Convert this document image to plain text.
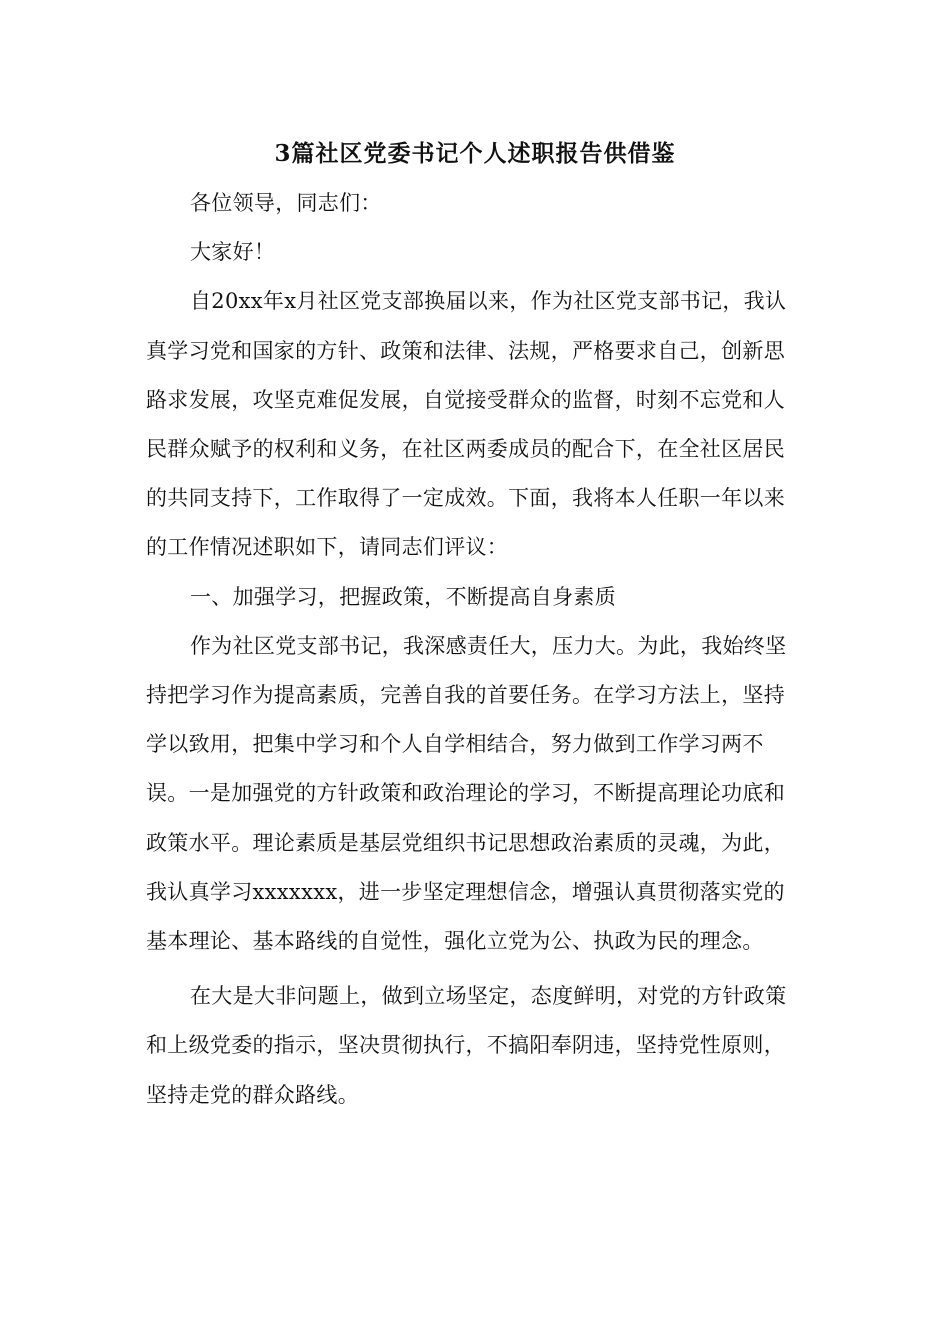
3篇社区党委书记个人述职报告供借鉴

各位领导，同志们：

大家好！

自20xx年x月社区党支部换届以来，作为社区党支部书记，我认真学习党和国家的方针、政策和法律、法规，严格要求自己，创新思路求发展，攻坚克难促发展，自觉接受群众的监督，时刻不忘党和人民群众赋予的权利和义务，在社区两委成员的配合下，在全社区居民的共同支持下，工作取得了一定成效。下面，我将本人任职一年以来的工作情况述职如下，请同志们评议：

一、加强学习，把握政策，不断提高自身素质

作为社区党支部书记，我深感责任大，压力大。为此，我始终坚持把学习作为提高素质，完善自我的首要任务。在学习方法上，坚持学以致用，把集中学习和个人自学相结合，努力做到工作学习两不误。一是加强党的方针政策和政治理论的学习，不断提高理论功底和政策水平。理论素质是基层党组织书记思想政治素质的灵魂，为此，我认真学习xxxxxxx，进一步坚定理想信念，增强认真贯彻落实党的基本理论、基本路线的自觉性，强化立党为公、执政为民的理念。

在大是大非问题上，做到立场坚定，态度鲜明，对党的方针政策和上级党委的指示，坚决贯彻执行，不搞阳奉阴违，坚持党性原则，坚持走党的群众路线。
